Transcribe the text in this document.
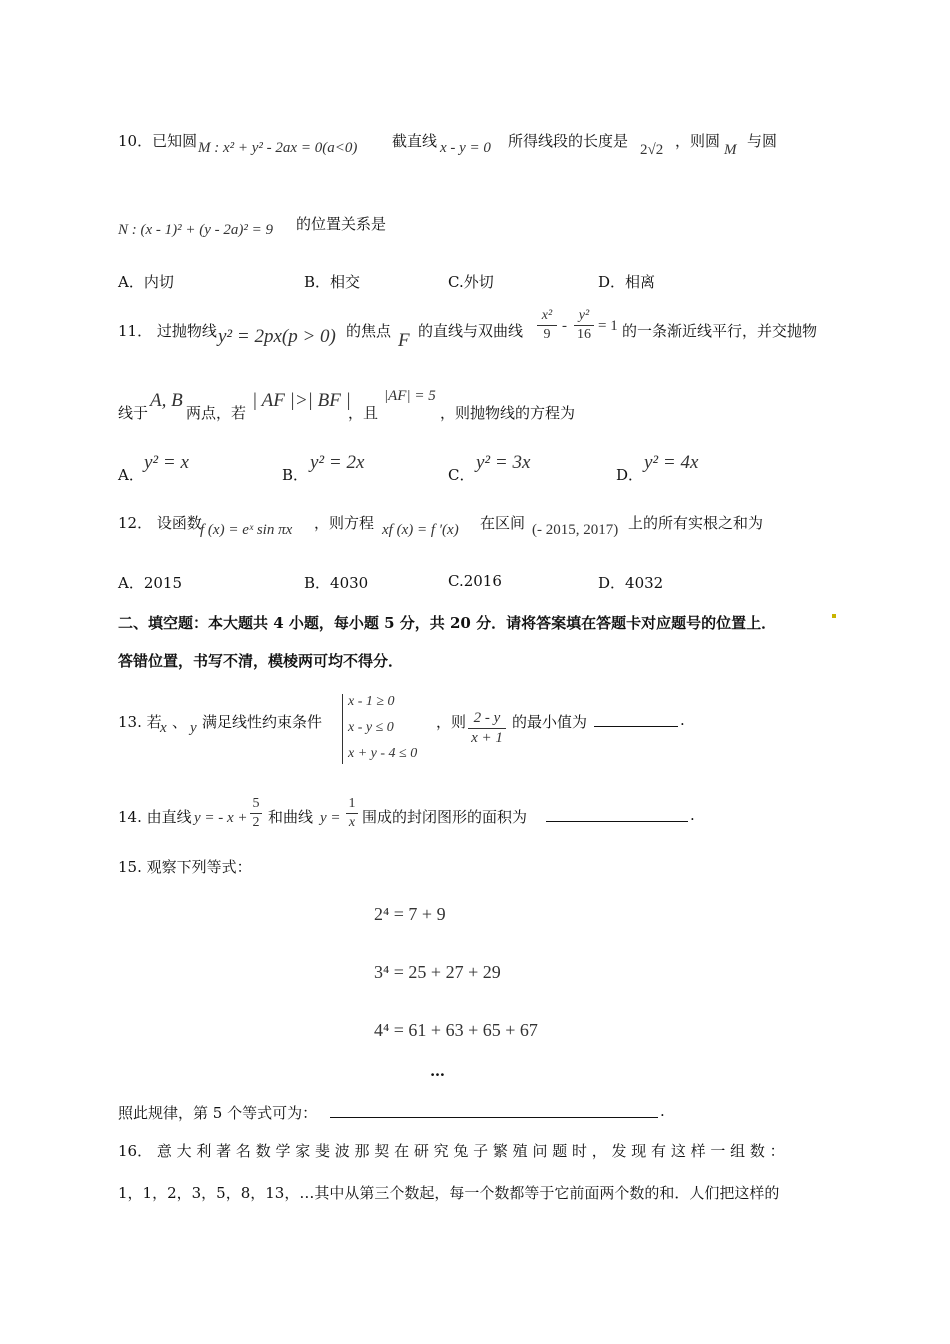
10．已知圆 M : x² + y² - 2ax = 0(a<0) 截直线 x - y = 0 所得线段的长度是 2√2 ，则圆 M 与圆
N : (x - 1)² + (y - 2a)² = 9 的位置关系是
A．内切	B．相交	C.外切	D．相离
11． 过抛物线 y² = 2px(p > 0) 的焦点 F 的直线与双曲线
x²
9
-
y²
16
= 1 的一条渐近线平行，并交抛物
线于
A, B
两点，若
| AF |>| BF |
，且
|AF| = 5
，则抛物线的方程为
A．
y² = x
B．
y² = 2x
C．
y² = 3x
D．
y² = 4x
12． 设函数
f (x) = eˣ sin πx ，则方程 xf (x) = f ′(x) 在区间 (- 2015, 2017) 上的所有实根之和为
A．2015	B．4030	C.2016	D．4032
二、填空题：本大题共 4 小题，每小题 5 分，共 20 分．请将答案填在答题卡对应题号的位置上．
答错位置，书写不清，模棱两可均不得分．
13. 若
x 、 y 满足线性约束条件
x - 1 ≥ 0
x - y ≤ 0
x + y - 4 ≤ 0
，则 2 - y
x + 1
的最小值为	.
14. 由直线 y = - x +
5
2 和曲线 y =
1
x 围成的封闭图形的面积为	.
15. 观察下列等式：
2⁴ = 7 + 9
3⁴ = 25 + 27 + 29
4⁴ = 61 + 63 + 65 + 67
…
照此规律，第 5 个等式可为：	.
16． 意 大 利 著 名 数 学 家 斐 波 那 契 在 研 究 兔 子 繁 殖 问 题 时 ， 发 现 有 这 样 一 组 数 ：
1，1，2，3，5，8，13，…其中从第三个数起，每一个数都等于它前面两个数的和．人们把这样的
